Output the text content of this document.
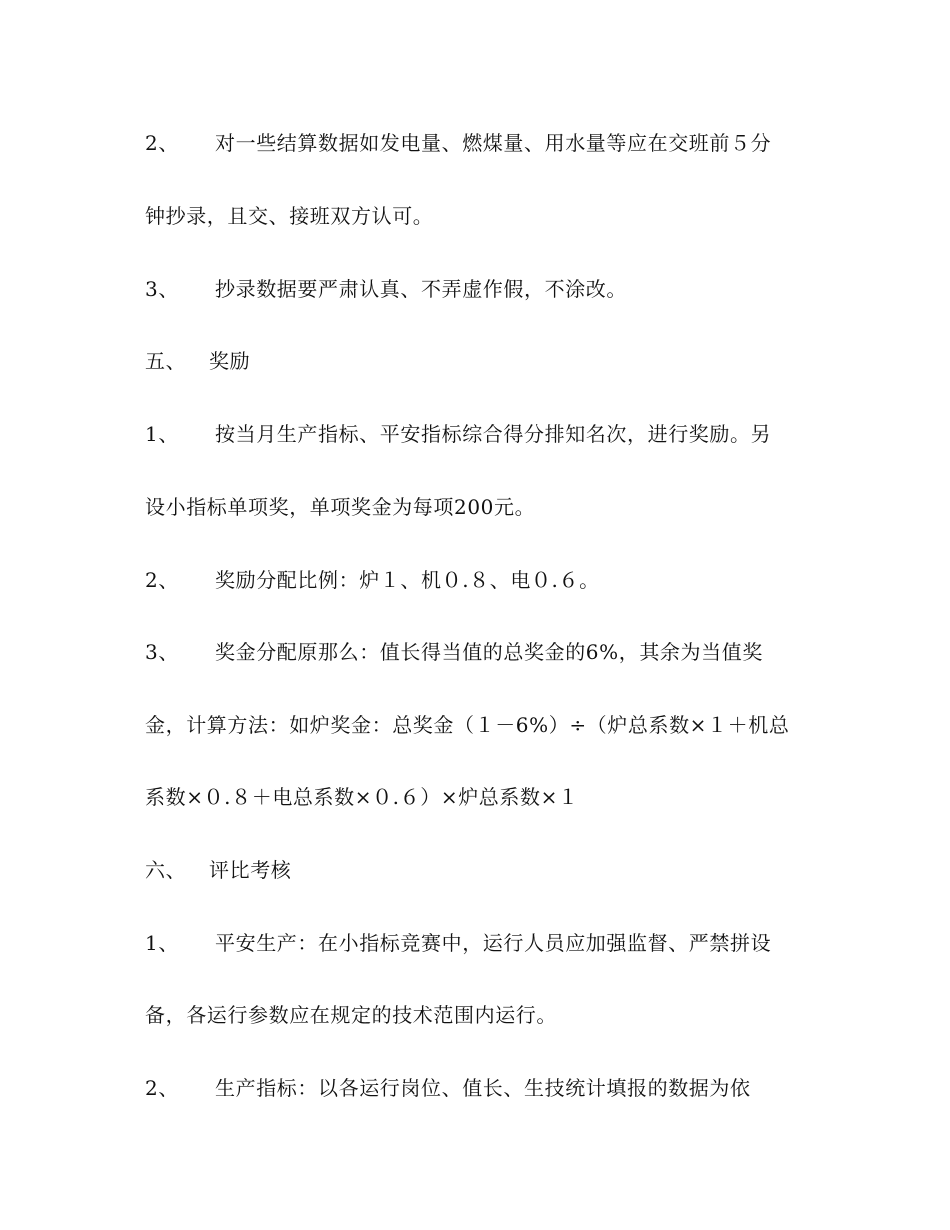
2、 对一些结算数据如发电量、燃煤量、用水量等应在交班前５分
钟抄录，且交、接班双方认可。
3、 抄录数据要严肃认真、不弄虚作假，不涂改。
五、 奖励
1、 按当月生产指标、平安指标综合得分排知名次，进行奖励。另
设小指标单项奖，单项奖金为每项200元。
2、 奖励分配比例：炉１、机０.８、电０.６。
3、 奖金分配原那么：值长得当值的总奖金的6%，其余为当值奖
金，计算方法：如炉奖金：总奖金（１－6%）÷（炉总系数×１＋机总
系数×０.８＋电总系数×０.６）×炉总系数×１
六、 评比考核
1、 平安生产：在小指标竞赛中，运行人员应加强监督、严禁拼设
备，各运行参数应在规定的技术范围内运行。
2、 生产指标：以各运行岗位、值长、生技统计填报的数据为依
